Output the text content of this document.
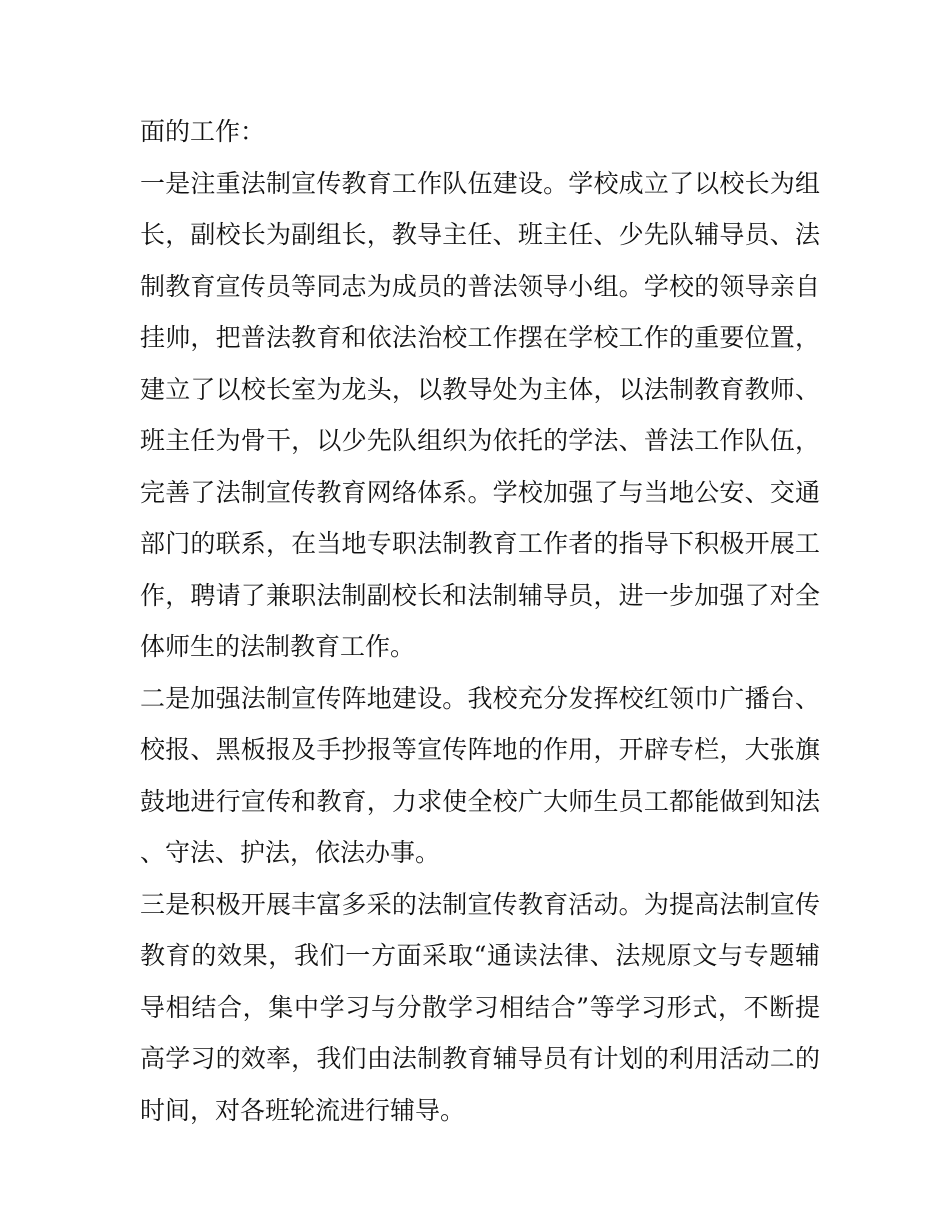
面的工作：

一是注重法制宣传教育工作队伍建设。学校成立了以校长为组长，副校长为副组长，教导主任、班主任、少先队辅导员、法制教育宣传员等同志为成员的普法领导小组。学校的领导亲自挂帅，把普法教育和依法治校工作摆在学校工作的重要位置，建立了以校长室为龙头，以教导处为主体，以法制教育教师、班主任为骨干，以少先队组织为依托的学法、普法工作队伍，完善了法制宣传教育网络体系。学校加强了与当地公安、交通部门的联系，在当地专职法制教育工作者的指导下积极开展工作，聘请了兼职法制副校长和法制辅导员，进一步加强了对全体师生的法制教育工作。

二是加强法制宣传阵地建设。我校充分发挥校红领巾广播台、校报、黑板报及手抄报等宣传阵地的作用，开辟专栏，大张旗鼓地进行宣传和教育，力求使全校广大师生员工都能做到知法、守法、护法，依法办事。

三是积极开展丰富多采的法制宣传教育活动。为提高法制宣传教育的效果，我们一方面采取“通读法律、法规原文与专题辅导相结合，集中学习与分散学习相结合”等学习形式，不断提高学习的效率，我们由法制教育辅导员有计划的利用活动二的时间，对各班轮流进行辅导。
